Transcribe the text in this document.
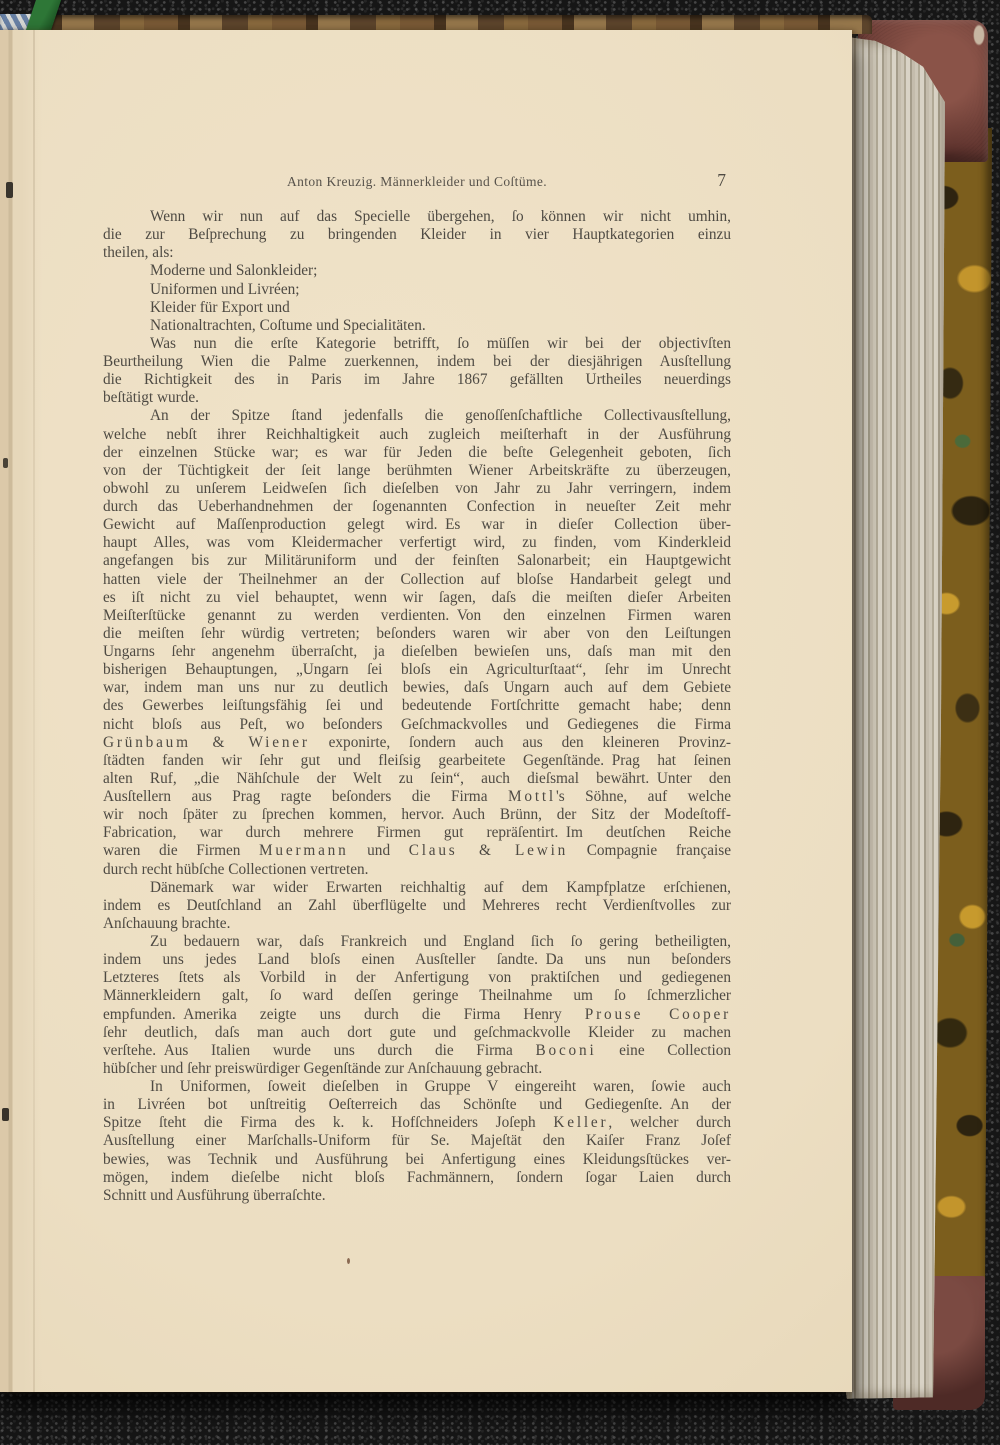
Anton Kreuzig. Männerkleider und Coſtüme.	7
Wenn wir nun auf das Specielle übergehen, ſo können wir nicht umhin,
die zur Beſprechung zu bringenden Kleider in vier Hauptkategorien einzu
theilen, als:
Moderne und Salonkleider;
Uniformen und Livréen;
Kleider für Export und
Nationaltrachten, Coſtume und Specialitäten.
Was nun die erſte Kategorie betrifft, ſo müſſen wir bei der objectivſten
Beurtheilung Wien die Palme zuerkennen, indem bei der diesjährigen Ausſtellung
die Richtigkeit des in Paris im Jahre 1867 gefällten Urtheiles neuerdings
beſtätigt wurde.
An der Spitze ſtand jedenfalls die genoſſenſchaftliche Collectivausſtellung,
welche nebſt ihrer Reichhaltigkeit auch zugleich meiſterhaft in der Ausführung
der einzelnen Stücke war; es war für Jeden die beſte Gelegenheit geboten, ſich
von der Tüchtigkeit der ſeit lange berühmten Wiener Arbeitskräfte zu überzeugen,
obwohl zu unſerem Leidweſen ſich dieſelben von Jahr zu Jahr verringern, indem
durch das Ueberhandnehmen der ſogenannten Confection in neueſter Zeit mehr
Gewicht auf Maſſenproduction gelegt wird. Es war in dieſer Collection über-
haupt Alles, was vom Kleidermacher verfertigt wird, zu finden, vom Kinderkleid
angefangen bis zur Militäruniform und der feinſten Salonarbeit; ein Hauptgewicht
hatten viele der Theilnehmer an der Collection auf bloſse Handarbeit gelegt und
es iſt nicht zu viel behauptet, wenn wir ſagen, daſs die meiſten dieſer Arbeiten
Meiſterſtücke genannt zu werden verdienten. Von den einzelnen Firmen waren
die meiſten ſehr würdig vertreten; beſonders waren wir aber von den Leiſtungen
Ungarns ſehr angenehm überraſcht, ja dieſelben bewieſen uns, daſs man mit den
bisherigen Behauptungen, „Ungarn ſei bloſs ein Agriculturſtaat“, ſehr im Unrecht
war, indem man uns nur zu deutlich bewies, daſs Ungarn auch auf dem Gebiete
des Gewerbes leiſtungsfähig ſei und bedeutende Fortſchritte gemacht habe; denn
nicht bloſs aus Peſt, wo beſonders Geſchmackvolles und Gediegenes die Firma
Grünbaum & Wiener exponirte, ſondern auch aus den kleineren Provinz-
ſtädten fanden wir ſehr gut und fleiſsig gearbeitete Gegenſtände. Prag hat ſeinen
alten Ruf, „die Nähſchule der Welt zu ſein“, auch dieſsmal bewährt. Unter den
Ausſtellern aus Prag ragte beſonders die Firma Mottl's Söhne, auf welche
wir noch ſpäter zu ſprechen kommen, hervor. Auch Brünn, der Sitz der Modeſtoff-
Fabrication, war durch mehrere Firmen gut repräſentirt. Im deutſchen Reiche
waren die Firmen Muermann und Claus & Lewin Compagnie française
durch recht hübſche Collectionen vertreten.
Dänemark war wider Erwarten reichhaltig auf dem Kampfplatze erſchienen,
indem es Deutſchland an Zahl überflügelte und Mehreres recht Verdienſtvolles zur
Anſchauung brachte.
Zu bedauern war, daſs Frankreich und England ſich ſo gering betheiligten,
indem uns jedes Land bloſs einen Ausſteller ſandte. Da uns nun beſonders
Letzteres ſtets als Vorbild in der Anfertigung von praktiſchen und gediegenen
Männerkleidern galt, ſo ward deſſen geringe Theilnahme um ſo ſchmerzlicher
empfunden. Amerika zeigte uns durch die Firma Henry Prouse Cooper
ſehr deutlich, daſs man auch dort gute und geſchmackvolle Kleider zu machen
verſtehe. Aus Italien wurde uns durch die Firma Boconi eine Collection
hübſcher und ſehr preiswürdiger Gegenſtände zur Anſchauung gebracht.
In Uniformen, ſoweit dieſelben in Gruppe V eingereiht waren, ſowie auch
in Livréen bot unſtreitig Oeſterreich das Schönſte und Gediegenſte. An der
Spitze ſteht die Firma des k. k. Hofſchneiders Joſeph Keller, welcher durch
Ausſtellung einer Marſchalls-Uniform für Se. Majeſtät den Kaiſer Franz Joſef
bewies, was Technik und Ausführung bei Anfertigung eines Kleidungsſtückes ver-
mögen, indem dieſelbe nicht bloſs Fachmännern, ſondern ſogar Laien durch
Schnitt und Ausführung überraſchte.
